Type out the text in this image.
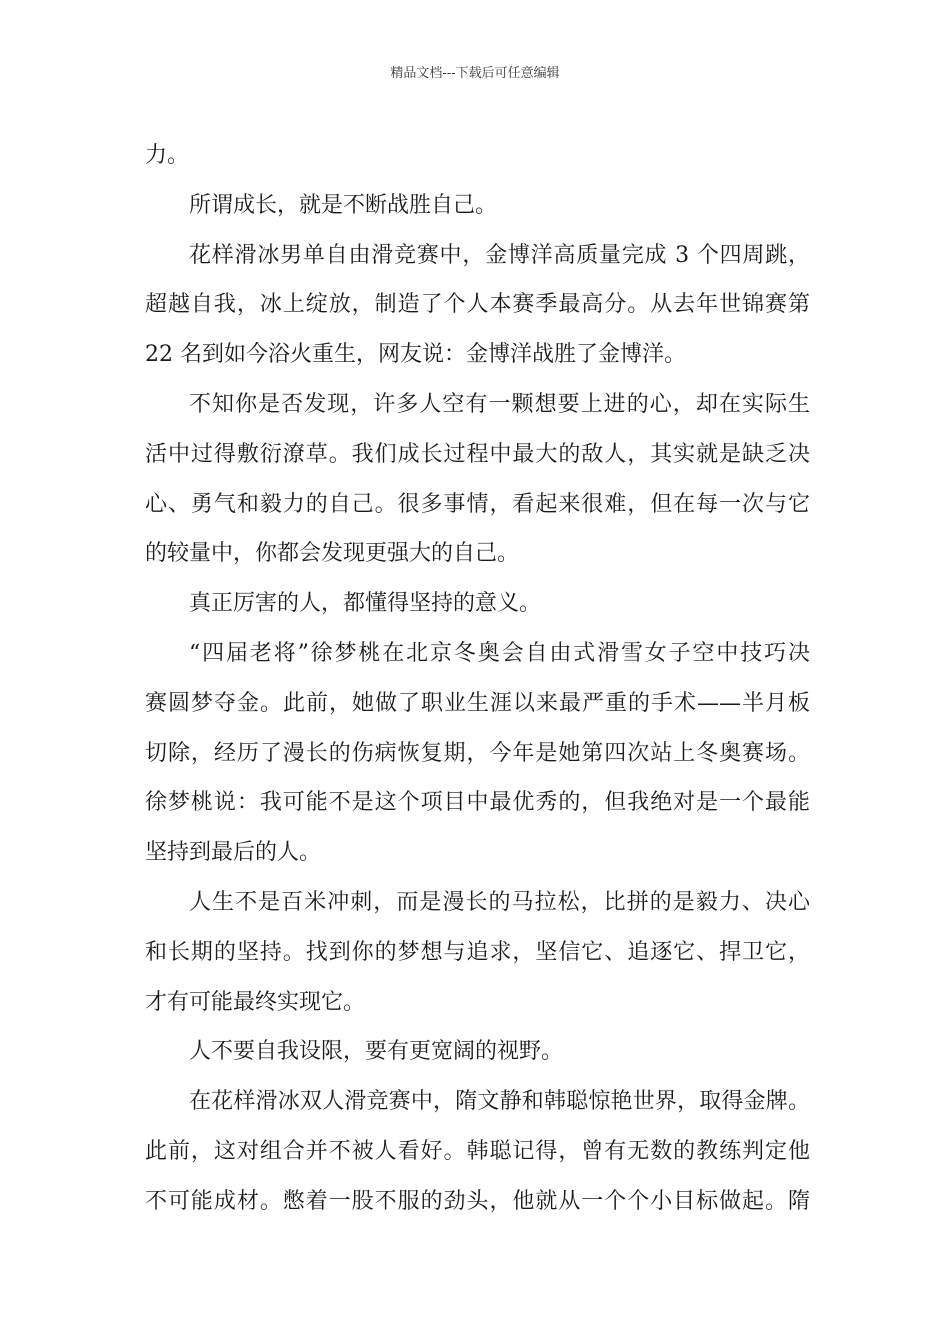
精品文档---下载后可任意编辑

力。
所谓成长，就是不断战胜自己。
花样滑冰男单自由滑竞赛中，金博洋高质量完成 3 个四周跳，
超越自我，冰上绽放，制造了个人本赛季最高分。从去年世锦赛第
22 名到如今浴火重生，网友说：金博洋战胜了金博洋。
不知你是否发现，许多人空有一颗想要上进的心，却在实际生
活中过得敷衍潦草。我们成长过程中最大的敌人，其实就是缺乏决
心、勇气和毅力的自己。很多事情，看起来很难，但在每一次与它
的较量中，你都会发现更强大的自己。
真正厉害的人，都懂得坚持的意义。
“四届老将”徐梦桃在北京冬奥会自由式滑雪女子空中技巧决
赛圆梦夺金。此前，她做了职业生涯以来最严重的手术——半月板
切除，经历了漫长的伤病恢复期，今年是她第四次站上冬奥赛场。
徐梦桃说：我可能不是这个项目中最优秀的，但我绝对是一个最能
坚持到最后的人。
人生不是百米冲刺，而是漫长的马拉松，比拼的是毅力、决心
和长期的坚持。找到你的梦想与追求，坚信它、追逐它、捍卫它，
才有可能最终实现它。
人不要自我设限，要有更宽阔的视野。
在花样滑冰双人滑竞赛中，隋文静和韩聪惊艳世界，取得金牌。
此前，这对组合并不被人看好。韩聪记得，曾有无数的教练判定他
不可能成材。憋着一股不服的劲头，他就从一个个小目标做起。隋
